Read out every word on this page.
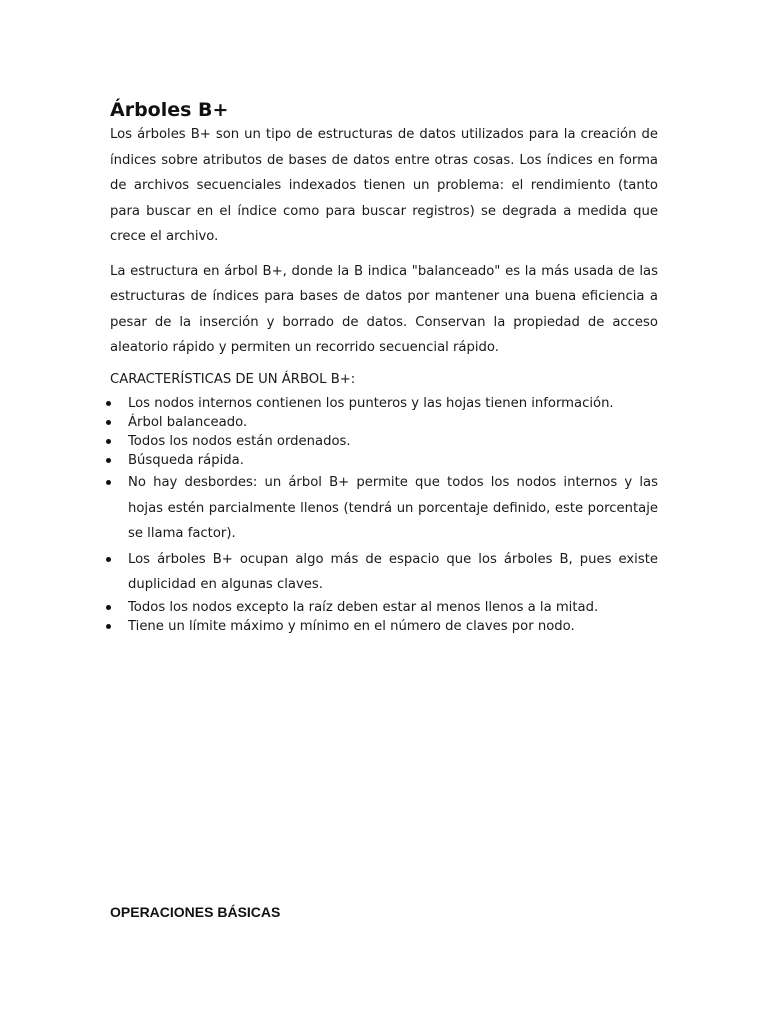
Árboles B+

Los árboles B+ son un tipo de estructuras de datos utilizados para la creación de índices sobre atributos de bases de datos entre otras cosas. Los índices en forma de archivos secuenciales indexados tienen un problema: el rendimiento (tanto para buscar en el índice como para buscar registros) se degrada a medida que crece el archivo.

La estructura en árbol B+, donde la B indica "balanceado" es la más usada de las estructuras de índices para bases de datos por mantener una buena eficiencia a pesar de la inserción y borrado de datos. Conservan la propiedad de acceso aleatorio rápido y permiten un recorrido secuencial rápido.

CARACTERÍSTICAS DE UN ÁRBOL B+:

Los nodos internos contienen los punteros y las hojas tienen información.
Árbol balanceado.
Todos los nodos están ordenados.
Búsqueda rápida.
No hay desbordes: un árbol B+ permite que todos los nodos internos y las hojas estén parcialmente llenos (tendrá un porcentaje definido, este porcentaje se llama factor).
Los árboles B+ ocupan algo más de espacio que los árboles B, pues existe duplicidad en algunas claves.
Todos los nodos excepto la raíz deben estar al menos llenos a la mitad.
Tiene un límite máximo y mínimo en el número de claves por nodo.

OPERACIONES BÁSICAS
